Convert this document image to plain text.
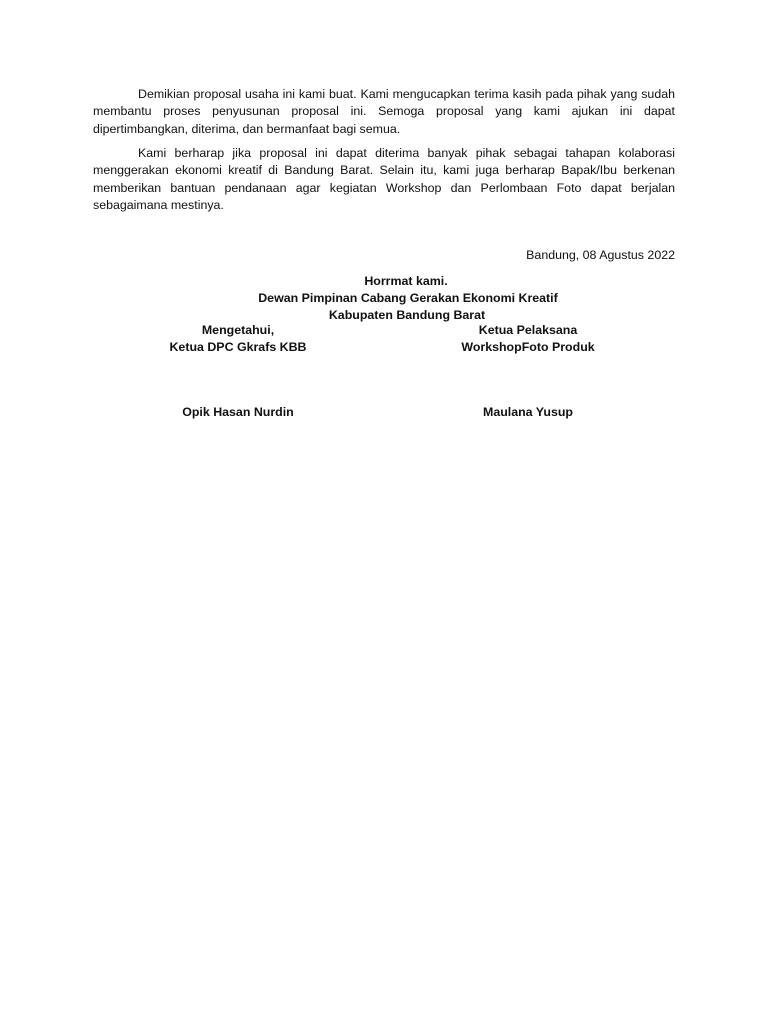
Demikian proposal usaha ini kami buat. Kami mengucapkan terima kasih pada pihak yang sudah membantu proses penyusunan proposal ini. Semoga proposal yang kami ajukan ini dapat dipertimbangkan, diterima, dan bermanfaat bagi semua.

Kami berharap jika proposal ini dapat diterima banyak pihak sebagai tahapan kolaborasi menggerakan ekonomi kreatif di Bandung Barat. Selain itu, kami juga berharap Bapak/Ibu berkenan memberikan bantuan pendanaan agar kegiatan Workshop dan Perlombaan Foto dapat berjalan sebagaimana mestinya.

Bandung, 08 Agustus 2022

Horrmat kami.
Dewan Pimpinan Cabang Gerakan Ekonomi Kreatif
Kabupaten Bandung Barat
Mengetahui,
Ketua DPC Gkrafs KBB
Opik Hasan Nurdin
Ketua Pelaksana
WorkshopFoto Produk
Maulana Yusup
